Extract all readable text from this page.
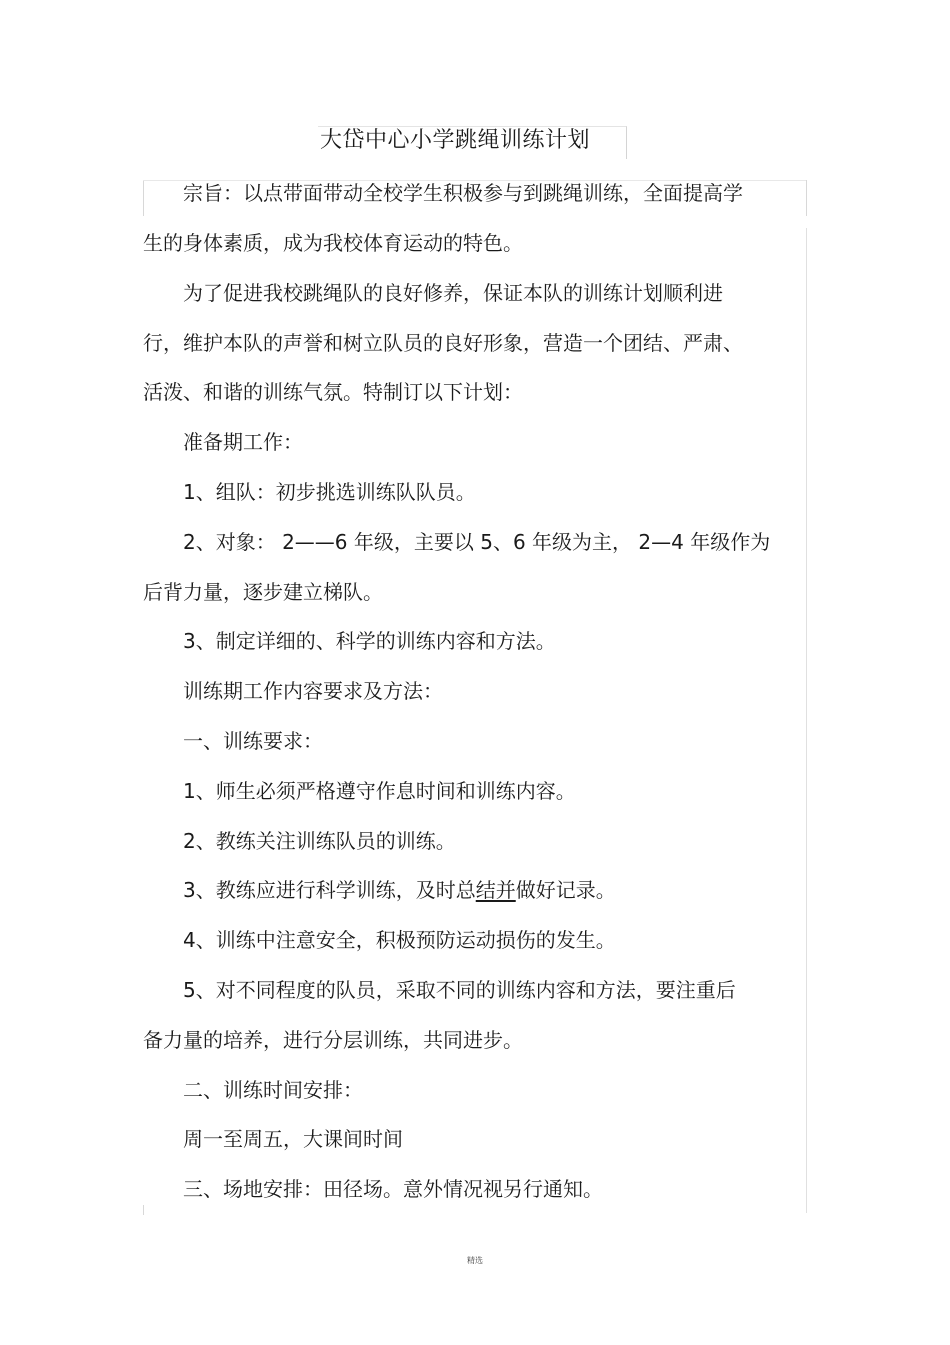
大岱中心小学跳绳训练计划
宗旨：以点带面带动全校学生积极参与到跳绳训练，全面提高学
生的身体素质，成为我校体育运动的特色。
为了促进我校跳绳队的良好修养，保证本队的训练计划顺利进
行，维护本队的声誉和树立队员的良好形象，营造一个团结、严肃、
活泼、和谐的训练气氛。特制订以下计划：
准备期工作：
1、组队：初步挑选训练队队员。
2、对象： 2——6 年级，主要以 5、6 年级为主， 2—4 年级作为
后背力量，逐步建立梯队。
3、制定详细的、科学的训练内容和方法。
训练期工作内容要求及方法：
一、训练要求：
1、师生必须严格遵守作息时间和训练内容。
2、教练关注训练队员的训练。
3、教练应进行科学训练，及时总结并做好记录。
4、训练中注意安全，积极预防运动损伤的发生。
5、对不同程度的队员，采取不同的训练内容和方法，要注重后
备力量的培养，进行分层训练，共同进步。
二、训练时间安排：
周一至周五，大课间时间
三、场地安排：田径场。意外情况视另行通知。
精选
